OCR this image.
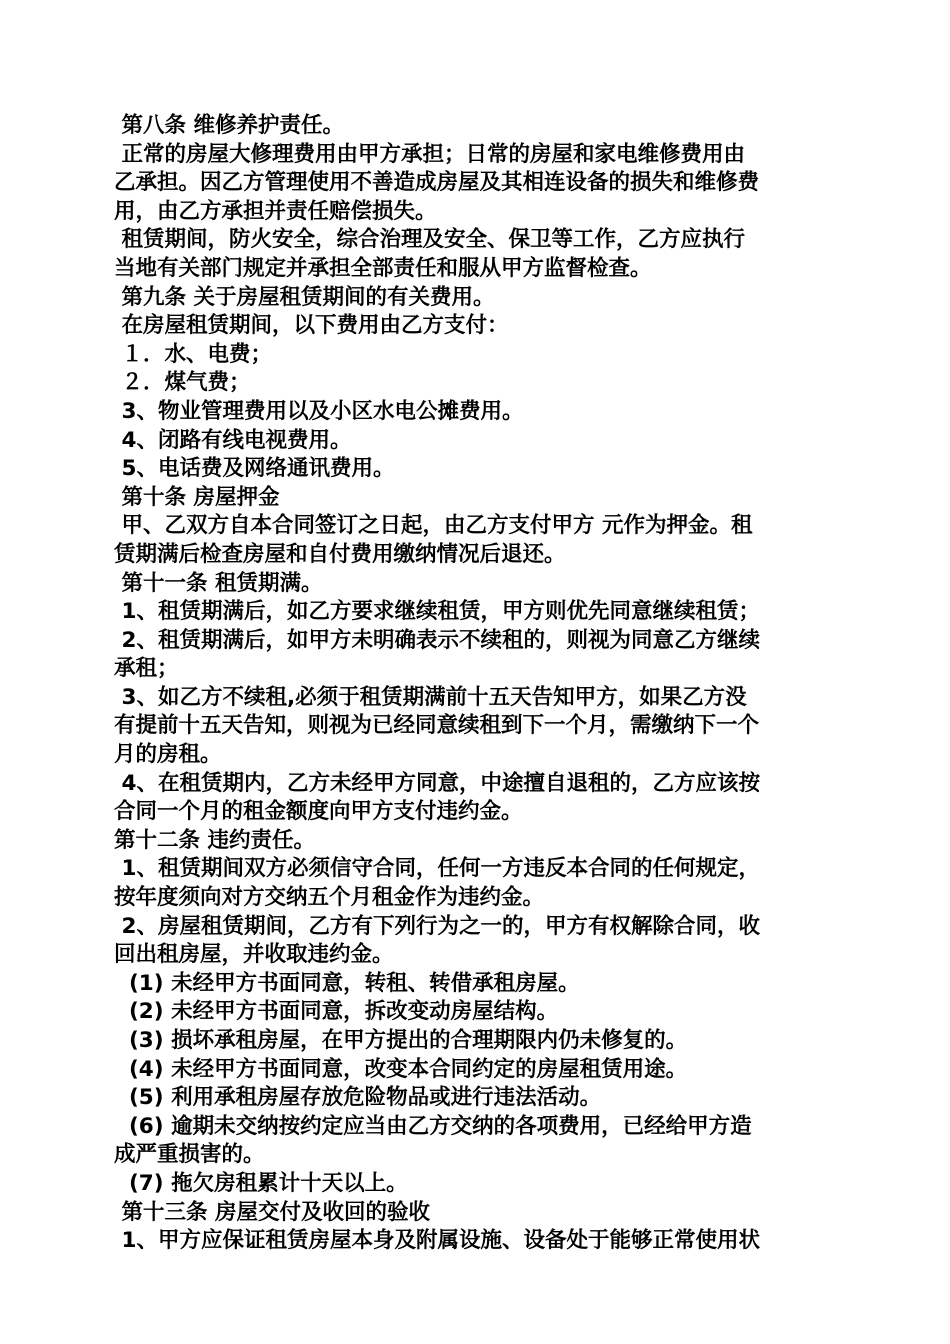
第八条 维修养护责任。
正常的房屋大修理费用由甲方承担；日常的房屋和家电维修费用由
乙承担。因乙方管理使用不善造成房屋及其相连设备的损失和维修费
用，由乙方承担并责任赔偿损失。
租赁期间，防火安全，综合治理及安全、保卫等工作，乙方应执行
当地有关部门规定并承担全部责任和服从甲方监督检查。
第九条 关于房屋租赁期间的有关费用。
在房屋租赁期间，以下费用由乙方支付：
１．水、电费；
２．煤气费；
3、物业管理费用以及小区水电公摊费用。
4、闭路有线电视费用。
5、电话费及网络通讯费用。
第十条 房屋押金
甲、乙双方自本合同签订之日起，由乙方支付甲方 元作为押金。租
赁期满后检查房屋和自付费用缴纳情况后退还。
第十一条 租赁期满。
1、租赁期满后，如乙方要求继续租赁，甲方则优先同意继续租赁；
2、租赁期满后，如甲方未明确表示不续租的，则视为同意乙方继续
承租；
3、如乙方不续租,必须于租赁期满前十五天告知甲方，如果乙方没
有提前十五天告知，则视为已经同意续租到下一个月，需缴纳下一个
月的房租。
4、在租赁期内，乙方未经甲方同意，中途擅自退租的，乙方应该按
合同一个月的租金额度向甲方支付违约金。
第十二条 违约责任。
1、租赁期间双方必须信守合同，任何一方违反本合同的任何规定，
按年度须向对方交纳五个月租金作为违约金。
2、房屋租赁期间，乙方有下列行为之一的，甲方有权解除合同，收
回出租房屋，并收取违约金。
(1) 未经甲方书面同意，转租、转借承租房屋。
(2) 未经甲方书面同意，拆改变动房屋结构。
(3) 损坏承租房屋，在甲方提出的合理期限内仍未修复的。
(4) 未经甲方书面同意，改变本合同约定的房屋租赁用途。
(5) 利用承租房屋存放危险物品或进行违法活动。
(6) 逾期未交纳按约定应当由乙方交纳的各项费用，已经给甲方造
成严重损害的。
(7) 拖欠房租累计十天以上。
第十三条 房屋交付及收回的验收
1、甲方应保证租赁房屋本身及附属设施、设备处于能够正常使用状
